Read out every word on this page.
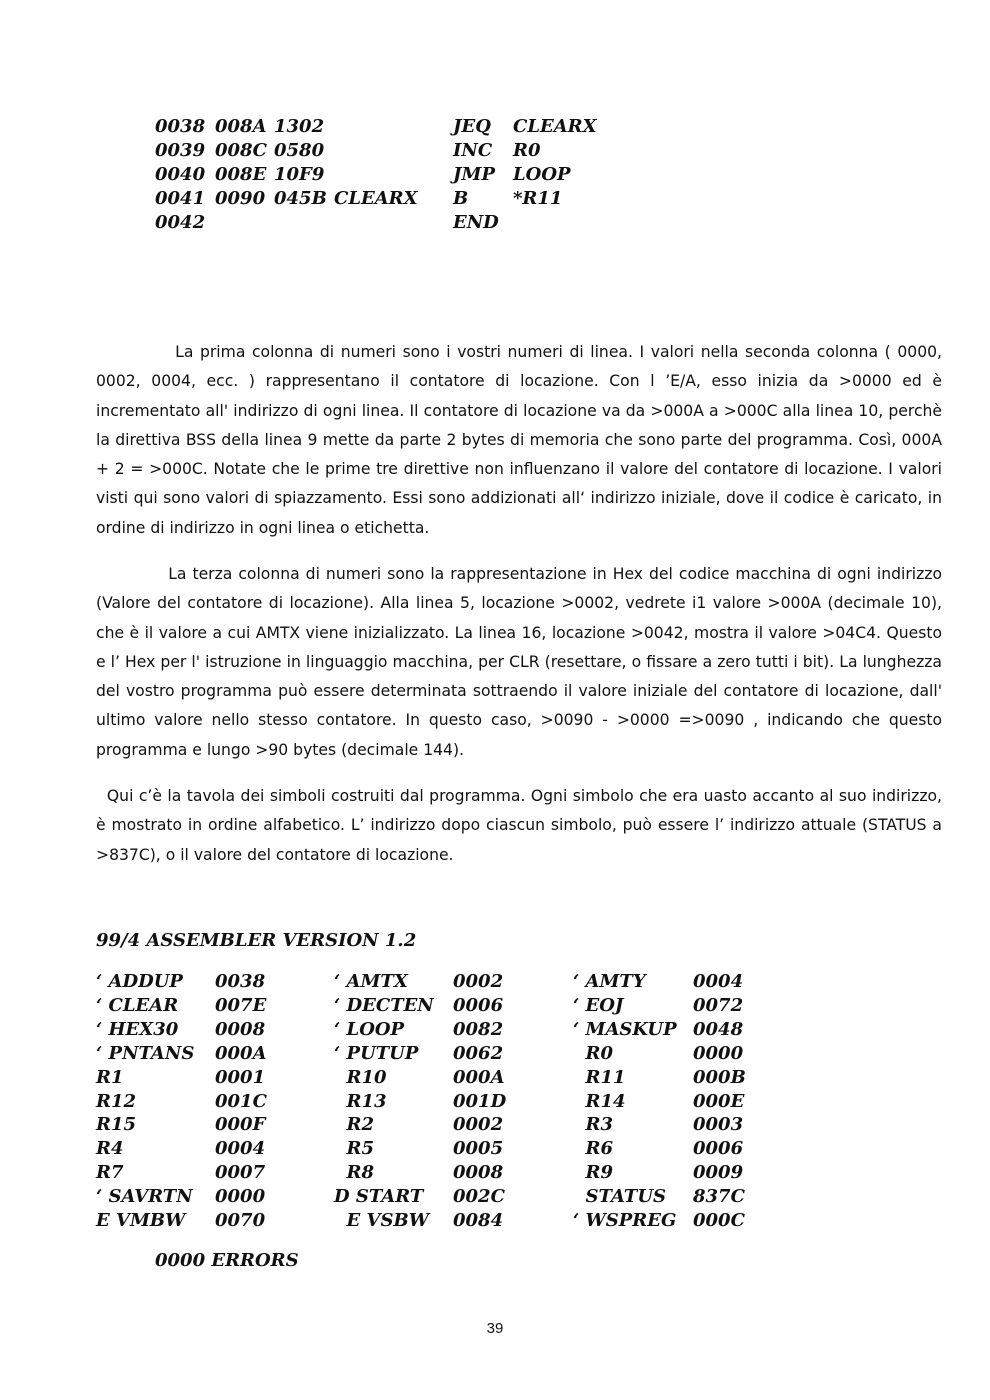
0038 008A 1302	JEQ CLEARX
0039 008C 0580	INC R0
0040 008E 10F9	JMP LOOP
0041 0090 045B CLEARX B *R11
0042	END

La prima colonna di numeri sono i vostri numeri di linea. I valori nella seconda colonna ( 0000, 0002, 0004, ecc. ) rappresentano il contatore di locazione. Con l ’E/A, esso inizia da >0000 ed è incrementato all' indirizzo di ogni linea. Il contatore di locazione va da >000A a >000C alla linea 10, perchè la direttiva BSS della linea 9 mette da parte 2 bytes di memoria che sono parte del programma. Così, 000A + 2 = >000C. Notate che le prime tre direttive non influenzano il valore del contatore di locazione. I valori visti qui sono valori di spiazzamento. Essi sono addizionati all‘ indirizzo iniziale, dove il codice è caricato, in ordine di indirizzo in ogni linea o etichetta.

La terza colonna di numeri sono la rappresentazione in Hex del codice macchina di ogni indirizzo (Valore del contatore di locazione). Alla linea 5, locazione >0002, vedrete i1 valore >000A (decimale 10), che è il valore a cui AMTX viene inizializzato. La linea 16, locazione >0042, mostra il valore >04C4. Questo e l’ Hex per l' istruzione in linguaggio macchina, per CLR (resettare, o fissare a zero tutti i bit). La lunghezza del vostro programma può essere determinata sottraendo il valore iniziale del contatore di locazione, dall' ultimo valore nello stesso contatore. In questo caso, >0090 - >0000 =>0090 , indicando che questo programma e lungo >90 bytes (decimale 144).

Qui c’è la tavola dei simboli costruiti dal programma. Ogni simbolo che era uasto accanto al suo indirizzo, è mostrato in ordine alfabetico. L’ indirizzo dopo ciascun simbolo, può essere l’ indirizzo attuale (STATUS a >837C), o il valore del contatore di locazione.

99/4 ASSEMBLER VERSION 1.2

‘ ADDUP 0038	‘ AMTX	0002	‘ AMTY	0004
‘ CLEAR 007E	‘ DECTEN 0006	‘ EOJ	0072
‘ HEX30 0008	‘ LOOP	0082	‘ MASKUP 0048
‘ PNTANS 000A	‘ PUTUP 0062	R0	0000
R1	0001	R10	000A	R11	000B
R12	001C	R13	001D	R14	000E
R15	000F	R2	0002	R3	0003
R4	0004	R5	0005	R6	0006
R7	0007	R8	0008	R9	0009
‘ SAVRTN 0000	D START 002C	STATUS 837C
E VMBW 0070	E VSBW 0084	‘ WSPREG 000C
0000 ERRORS
39
